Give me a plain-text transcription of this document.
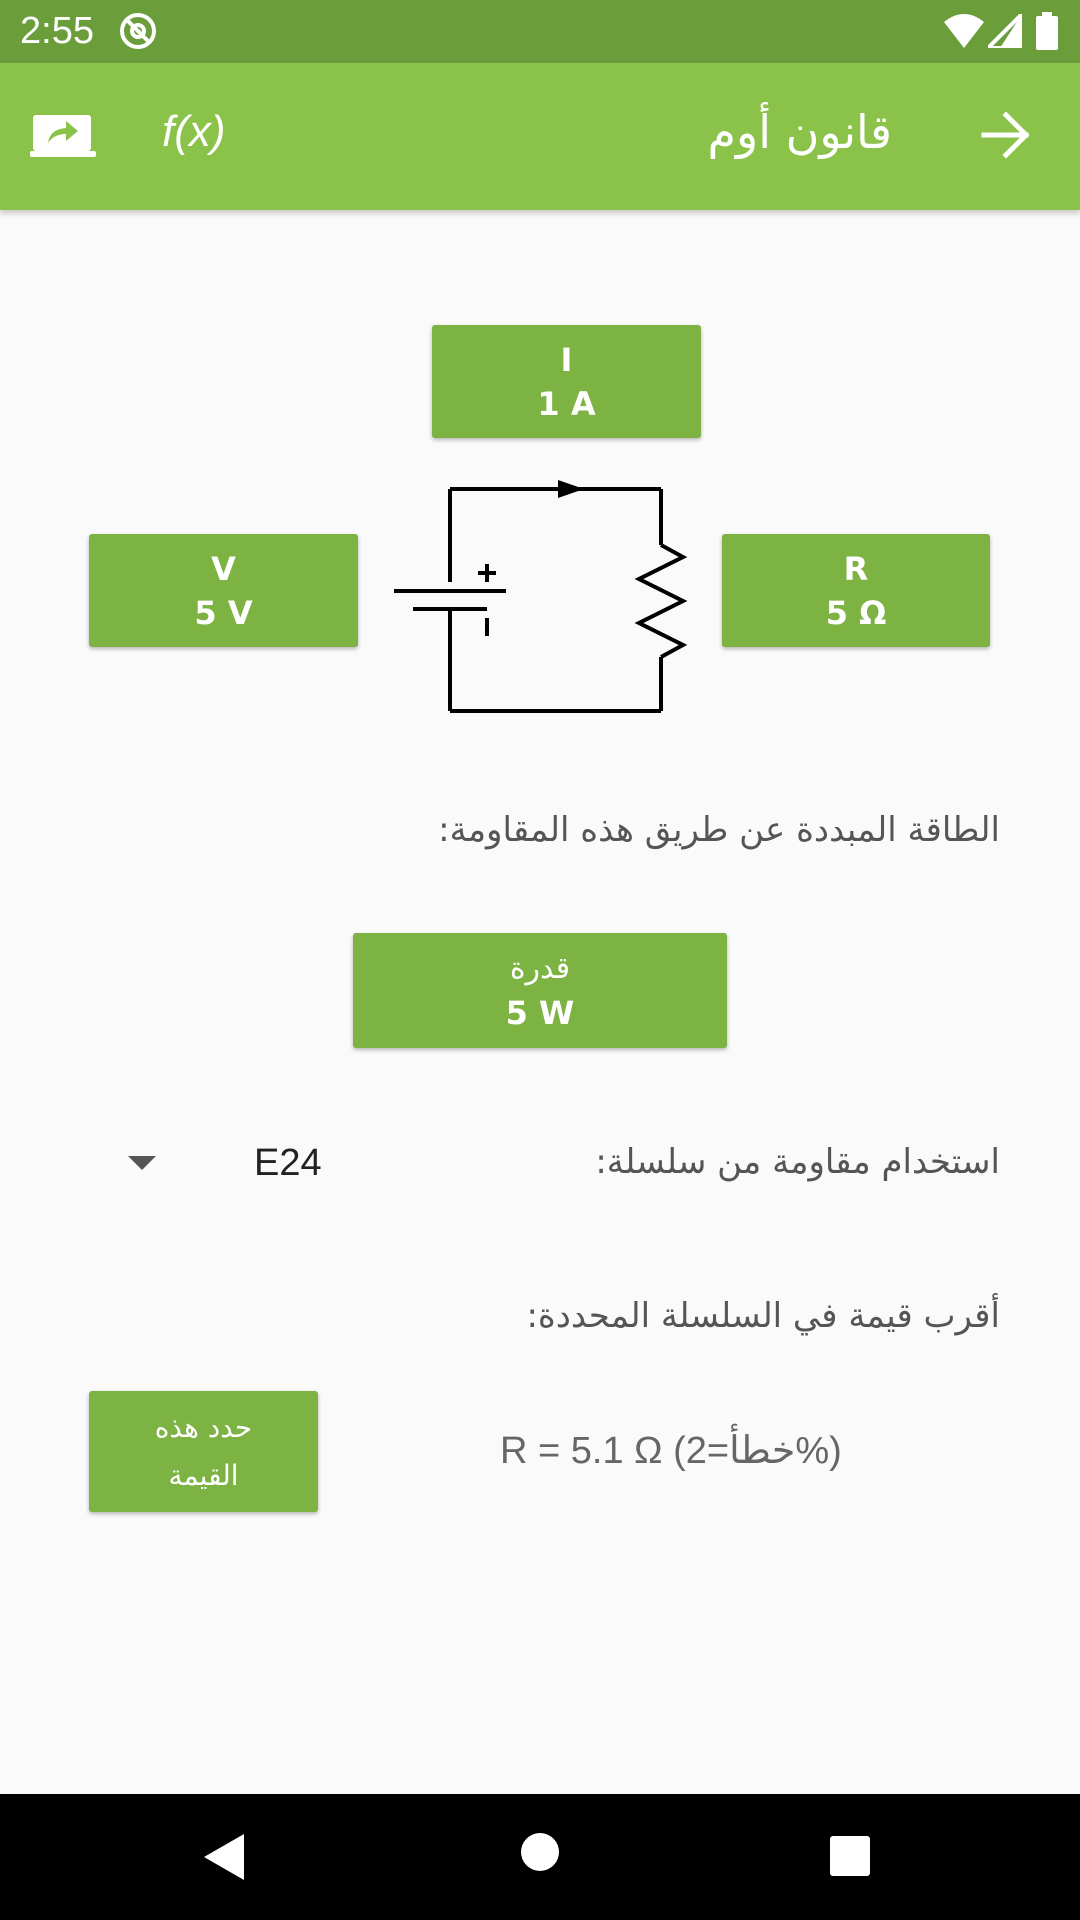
2:55
f(x)	قانون أوم
I
1 A
V
5 V
R
5 Ω
الطاقة المبددة عن طريق هذه المقاومة:
قدرة
5 W
استخدام مقاومة من سلسلة:
E24
أقرب قيمة في السلسلة المحددة:
حدد هذه القيمة
R = 5.1 Ω (خطأ=2%)
